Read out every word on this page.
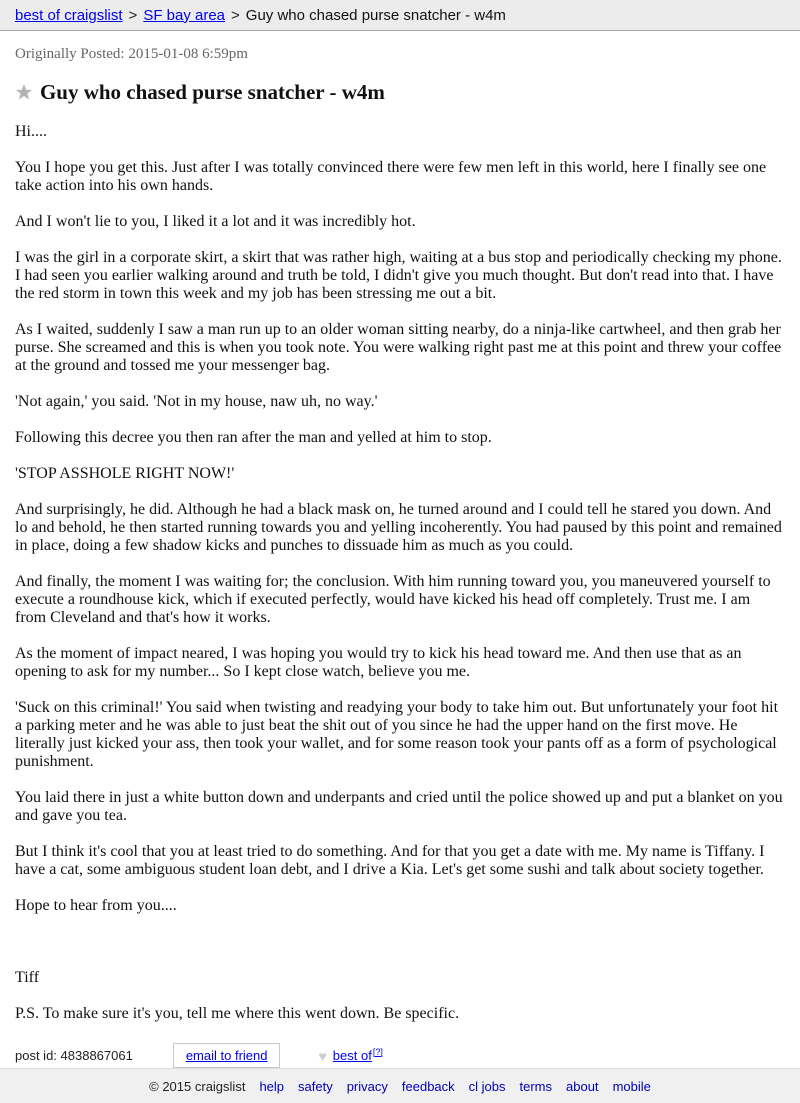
best of craigslist > SF bay area > Guy who chased purse snatcher - w4m

Originally Posted: 2015-01-08 6:59pm

★ Guy who chased purse snatcher - w4m

Hi....

You I hope you get this. Just after I was totally convinced there were few men left in this world, here I finally see one take action into his own hands.

And I won't lie to you, I liked it a lot and it was incredibly hot.

I was the girl in a corporate skirt, a skirt that was rather high, waiting at a bus stop and periodically checking my phone. I had seen you earlier walking around and truth be told, I didn't give you much thought. But don't read into that. I have the red storm in town this week and my job has been stressing me out a bit.

As I waited, suddenly I saw a man run up to an older woman sitting nearby, do a ninja-like cartwheel, and then grab her purse. She screamed and this is when you took note. You were walking right past me at this point and threw your coffee at the ground and tossed me your messenger bag.

'Not again,' you said. 'Not in my house, naw uh, no way.'

Following this decree you then ran after the man and yelled at him to stop.

'STOP ASSHOLE RIGHT NOW!'

And surprisingly, he did. Although he had a black mask on, he turned around and I could tell he stared you down. And lo and behold, he then started running towards you and yelling incoherently. You had paused by this point and remained in place, doing a few shadow kicks and punches to dissuade him as much as you could.

And finally, the moment I was waiting for; the conclusion. With him running toward you, you maneuvered yourself to execute a roundhouse kick, which if executed perfectly, would have kicked his head off completely. Trust me. I am from Cleveland and that's how it works.

As the moment of impact neared, I was hoping you would try to kick his head toward me. And then use that as an opening to ask for my number... So I kept close watch, believe you me.

'Suck on this criminal!' You said when twisting and readying your body to take him out. But unfortunately your foot hit a parking meter and he was able to just beat the shit out of you since he had the upper hand on the first move. He literally just kicked your ass, then took your wallet, and for some reason took your pants off as a form of psychological punishment.

You laid there in just a white button down and underpants and cried until the police showed up and put a blanket on you and gave you tea.

But I think it's cool that you at least tried to do something. And for that you get a date with me. My name is Tiffany. I have a cat, some ambiguous student loan debt, and I drive a Kia. Let's get some sushi and talk about society together.

Hope to hear from you....

Tiff

P.S. To make sure it's you, tell me where this went down. Be specific.

post id: 4838867061	email to friend	♥ best of[?]
© 2015 craigslist help safety privacy feedback cl jobs terms about mobile
